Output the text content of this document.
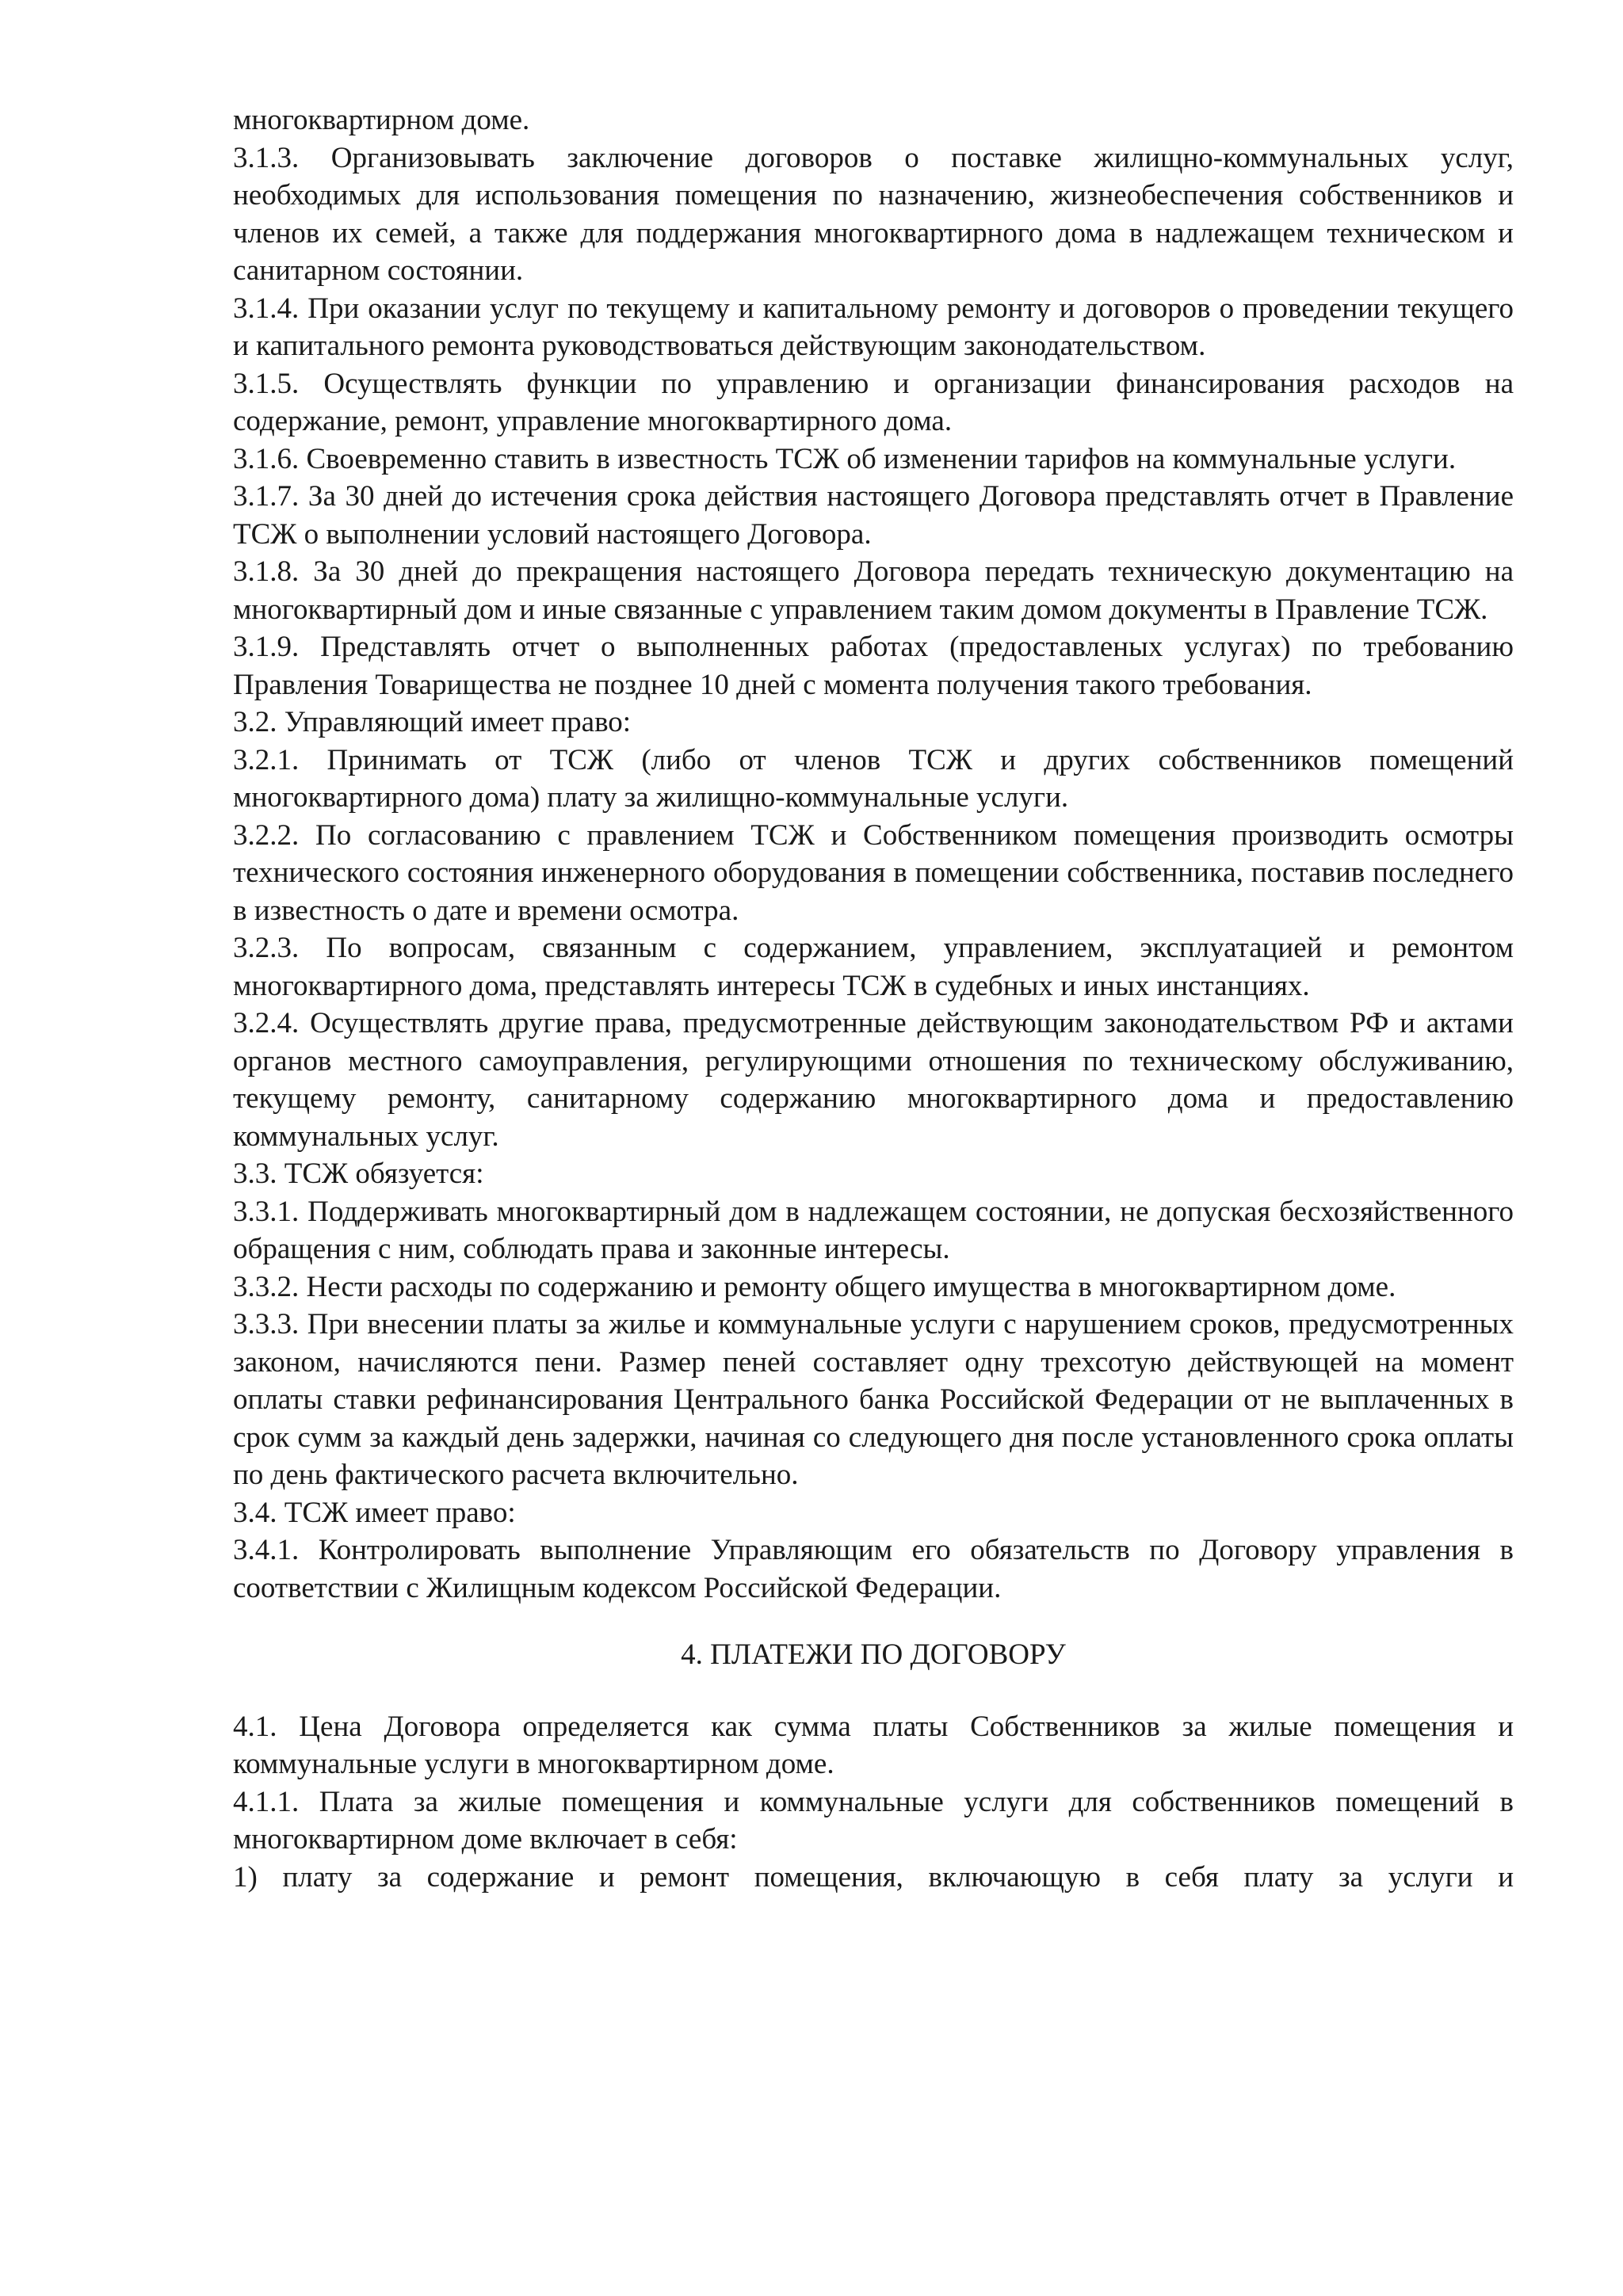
многоквартирном доме.

3.1.3. Организовывать заключение договоров о поставке жилищно-коммунальных услуг, необходимых для использования помещения по назначению, жизнеобеспечения собственников и членов их семей, а также для поддержания многоквартирного дома в надлежащем техническом и санитарном состоянии.

3.1.4. При оказании услуг по текущему и капитальному ремонту и договоров о проведении текущего и капитального ремонта руководствоваться действующим законодательством.

3.1.5. Осуществлять функции по управлению и организации финансирования расходов на содержание, ремонт, управление многоквартирного дома.

3.1.6. Своевременно ставить в известность ТСЖ об изменении тарифов на коммунальные услуги.

3.1.7. За 30 дней до истечения срока действия настоящего Договора представлять отчет в Правление ТСЖ о выполнении условий настоящего Договора.

3.1.8. За 30 дней до прекращения настоящего Договора передать техническую документацию на многоквартирный дом и иные связанные с управлением таким домом документы в Правление ТСЖ.

3.1.9. Представлять отчет о выполненных работах (предоставленых услугах) по требованию Правления Товарищества не позднее 10 дней с момента получения такого требования.

3.2. Управляющий имеет право:

3.2.1. Принимать от ТСЖ (либо от членов ТСЖ и других собственников помещений многоквартирного дома) плату за жилищно-коммунальные услуги.

3.2.2. По согласованию с правлением ТСЖ и Собственником помещения производить осмотры технического состояния инженерного оборудования в помещении собственника, поставив последнего в известность о дате и времени осмотра.

3.2.3. По вопросам, связанным с содержанием, управлением, эксплуатацией и ремонтом многоквартирного дома, представлять интересы ТСЖ в судебных и иных инстанциях.

3.2.4. Осуществлять другие права, предусмотренные действующим законодательством РФ и актами органов местного самоуправления, регулирующими отношения по техническому обслуживанию, текущему ремонту, санитарному содержанию многоквартирного дома и предоставлению коммунальных услуг.

3.3. ТСЖ обязуется:

3.3.1. Поддерживать многоквартирный дом в надлежащем состоянии, не допуская бесхозяйственного обращения с ним, соблюдать права и законные интересы.

3.3.2. Нести расходы по содержанию и ремонту общего имущества в многоквартирном доме.

3.3.3. При внесении платы за жилье и коммунальные услуги с нарушением сроков, предусмотренных законом, начисляются пени. Размер пеней составляет одну трехсотую действующей на момент оплаты ставки рефинансирования Центрального банка Российской Федерации от не выплаченных в срок сумм за каждый день задержки, начиная со следующего дня после установленного срока оплаты по день фактического расчета включительно.

3.4. ТСЖ имеет право:

3.4.1. Контролировать выполнение Управляющим его обязательств по Договору управления в соответствии с Жилищным кодексом Российской Федерации.

4. ПЛАТЕЖИ ПО ДОГОВОРУ

4.1. Цена Договора определяется как сумма платы Собственников за жилые помещения и коммунальные услуги в многоквартирном доме.

4.1.1. Плата за жилые помещения и коммунальные услуги для собственников помещений в многоквартирном доме включает в себя:

1) плату за содержание и ремонт помещения, включающую в себя плату за услуги и
